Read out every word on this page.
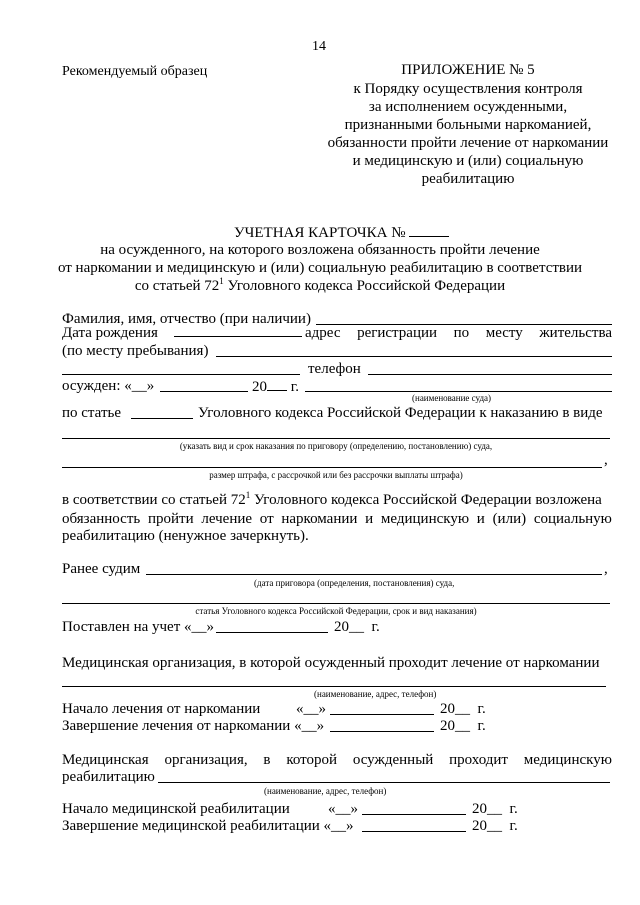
14
Рекомендуемый образец	ПРИЛОЖЕНИЕ № 5
к Порядку осуществления контроля
за исполнением осужденными,
признанными больными наркоманией,
обязанности пройти лечение от наркомании
и медицинскую и (или) социальную
реабилитацию
УЧЕТНАЯ КАРТОЧКА №
на осужденного, на которого возложена обязанность пройти лечение
от наркомании и медицинскую и (или) социальную реабилитацию в соответствии
со статьей $72^1$ Уголовного кодекса Российской Федерации
Фамилия, имя, отчество (при наличии)
Дата рождения	адрес регистрации по месту жительства
(по месту пребывания)
телефон
осужден: «__»	20 г.
(наименование суда)
по статье	Уголовного кодекса Российской Федерации к наказанию в виде
(указать вид и срок наказания по приговору (определению, постановлению) суда,
,
размер штрафа, с рассрочкой или без рассрочки выплаты штрафа)
в соответствии со статьей $72^1$ Уголовного кодекса Российской Федерации возложена
обязанность пройти лечение от наркомании и медицинскую и (или) социальную
реабилитацию (ненужное зачеркнуть).
Ранее судим	,
(дата приговора (определения, постановления) суда,
статья Уголовного кодекса Российской Федерации, срок и вид наказания)
Поставлен на учет «__»	20__ г.
Медицинская организация, в которой осужденный проходит лечение от наркомании
(наименование, адрес, телефон)
Начало лечения от наркомании «__»	20__ г.
Завершение лечения от наркомании «__»	20__ г.
Медицинская организация, в которой осужденный проходит медицинскую
реабилитацию
(наименование, адрес, телефон)
Начало медицинской реабилитации	«__»	20__ г.
Завершение медицинской реабилитации «__»	20__ г.
